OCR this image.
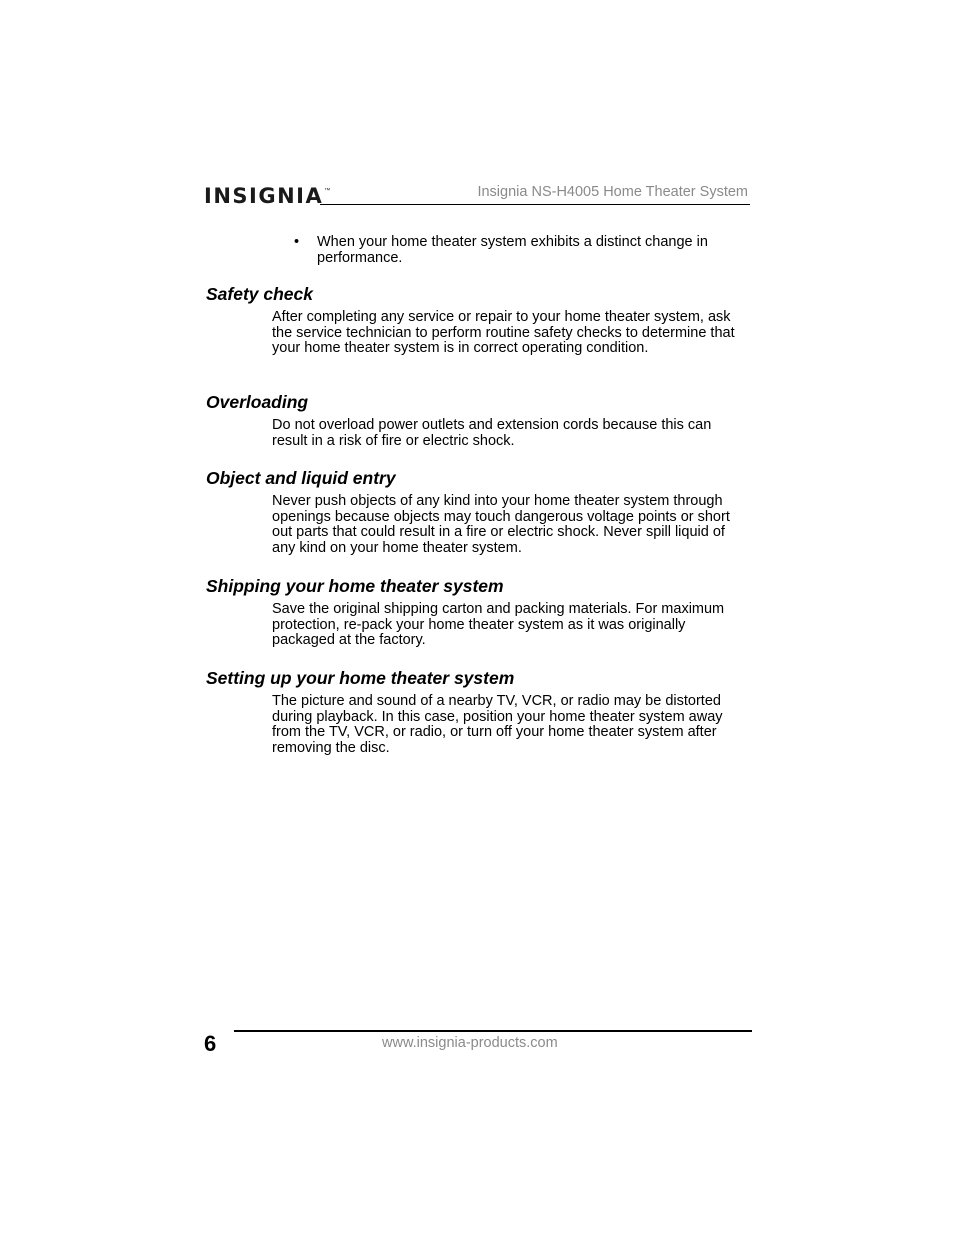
INSIGNIA ™	Insignia NS-H4005 Home Theater System
• When your home theater system exhibits a distinct change in performance.
Safety check

After completing any service or repair to your home theater system, ask the service technician to perform routine safety checks to determine that your home theater system is in correct operating condition.

Overloading

Do not overload power outlets and extension cords because this can result in a risk of fire or electric shock.

Object and liquid entry

Never push objects of any kind into your home theater system through openings because objects may touch dangerous voltage points or short out parts that could result in a fire or electric shock. Never spill liquid of any kind on your home theater system.

Shipping your home theater system

Save the original shipping carton and packing materials. For maximum protection, re-pack your home theater system as it was originally packaged at the factory.

Setting up your home theater system

The picture and sound of a nearby TV, VCR, or radio may be distorted during playback. In this case, position your home theater system away from the TV, VCR, or radio, or turn off your home theater system after removing the disc.

6	www.insignia-products.com
